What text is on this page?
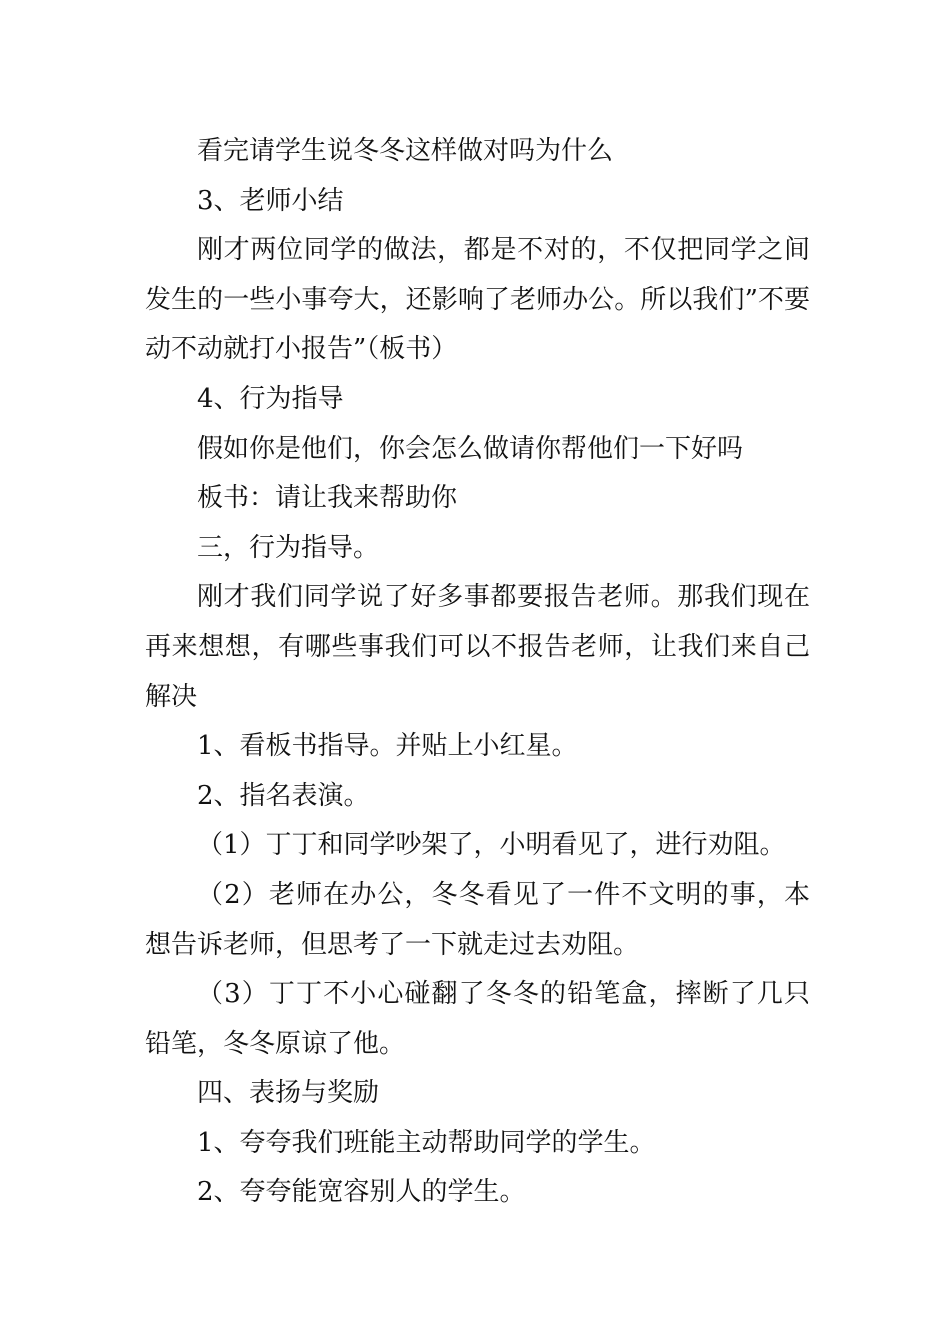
看完请学生说冬冬这样做对吗为什么

3、老师小结

刚才两位同学的做法，都是不对的，不仅把同学之间发生的一些小事夸大，还影响了老师办公。所以我们”不要动不动就打小报告”（板书）

4、行为指导

假如你是他们，你会怎么做请你帮他们一下好吗

板书：请让我来帮助你

三，行为指导。

刚才我们同学说了好多事都要报告老师。那我们现在再来想想，有哪些事我们可以不报告老师，让我们来自己解决

1、看板书指导。并贴上小红星。

2、指名表演。

（1）丁丁和同学吵架了，小明看见了，进行劝阻。

（2）老师在办公，冬冬看见了一件不文明的事，本想告诉老师，但思考了一下就走过去劝阻。

（3）丁丁不小心碰翻了冬冬的铅笔盒，摔断了几只铅笔，冬冬原谅了他。

四、表扬与奖励

1、夸夸我们班能主动帮助同学的学生。

2、夸夸能宽容别人的学生。
